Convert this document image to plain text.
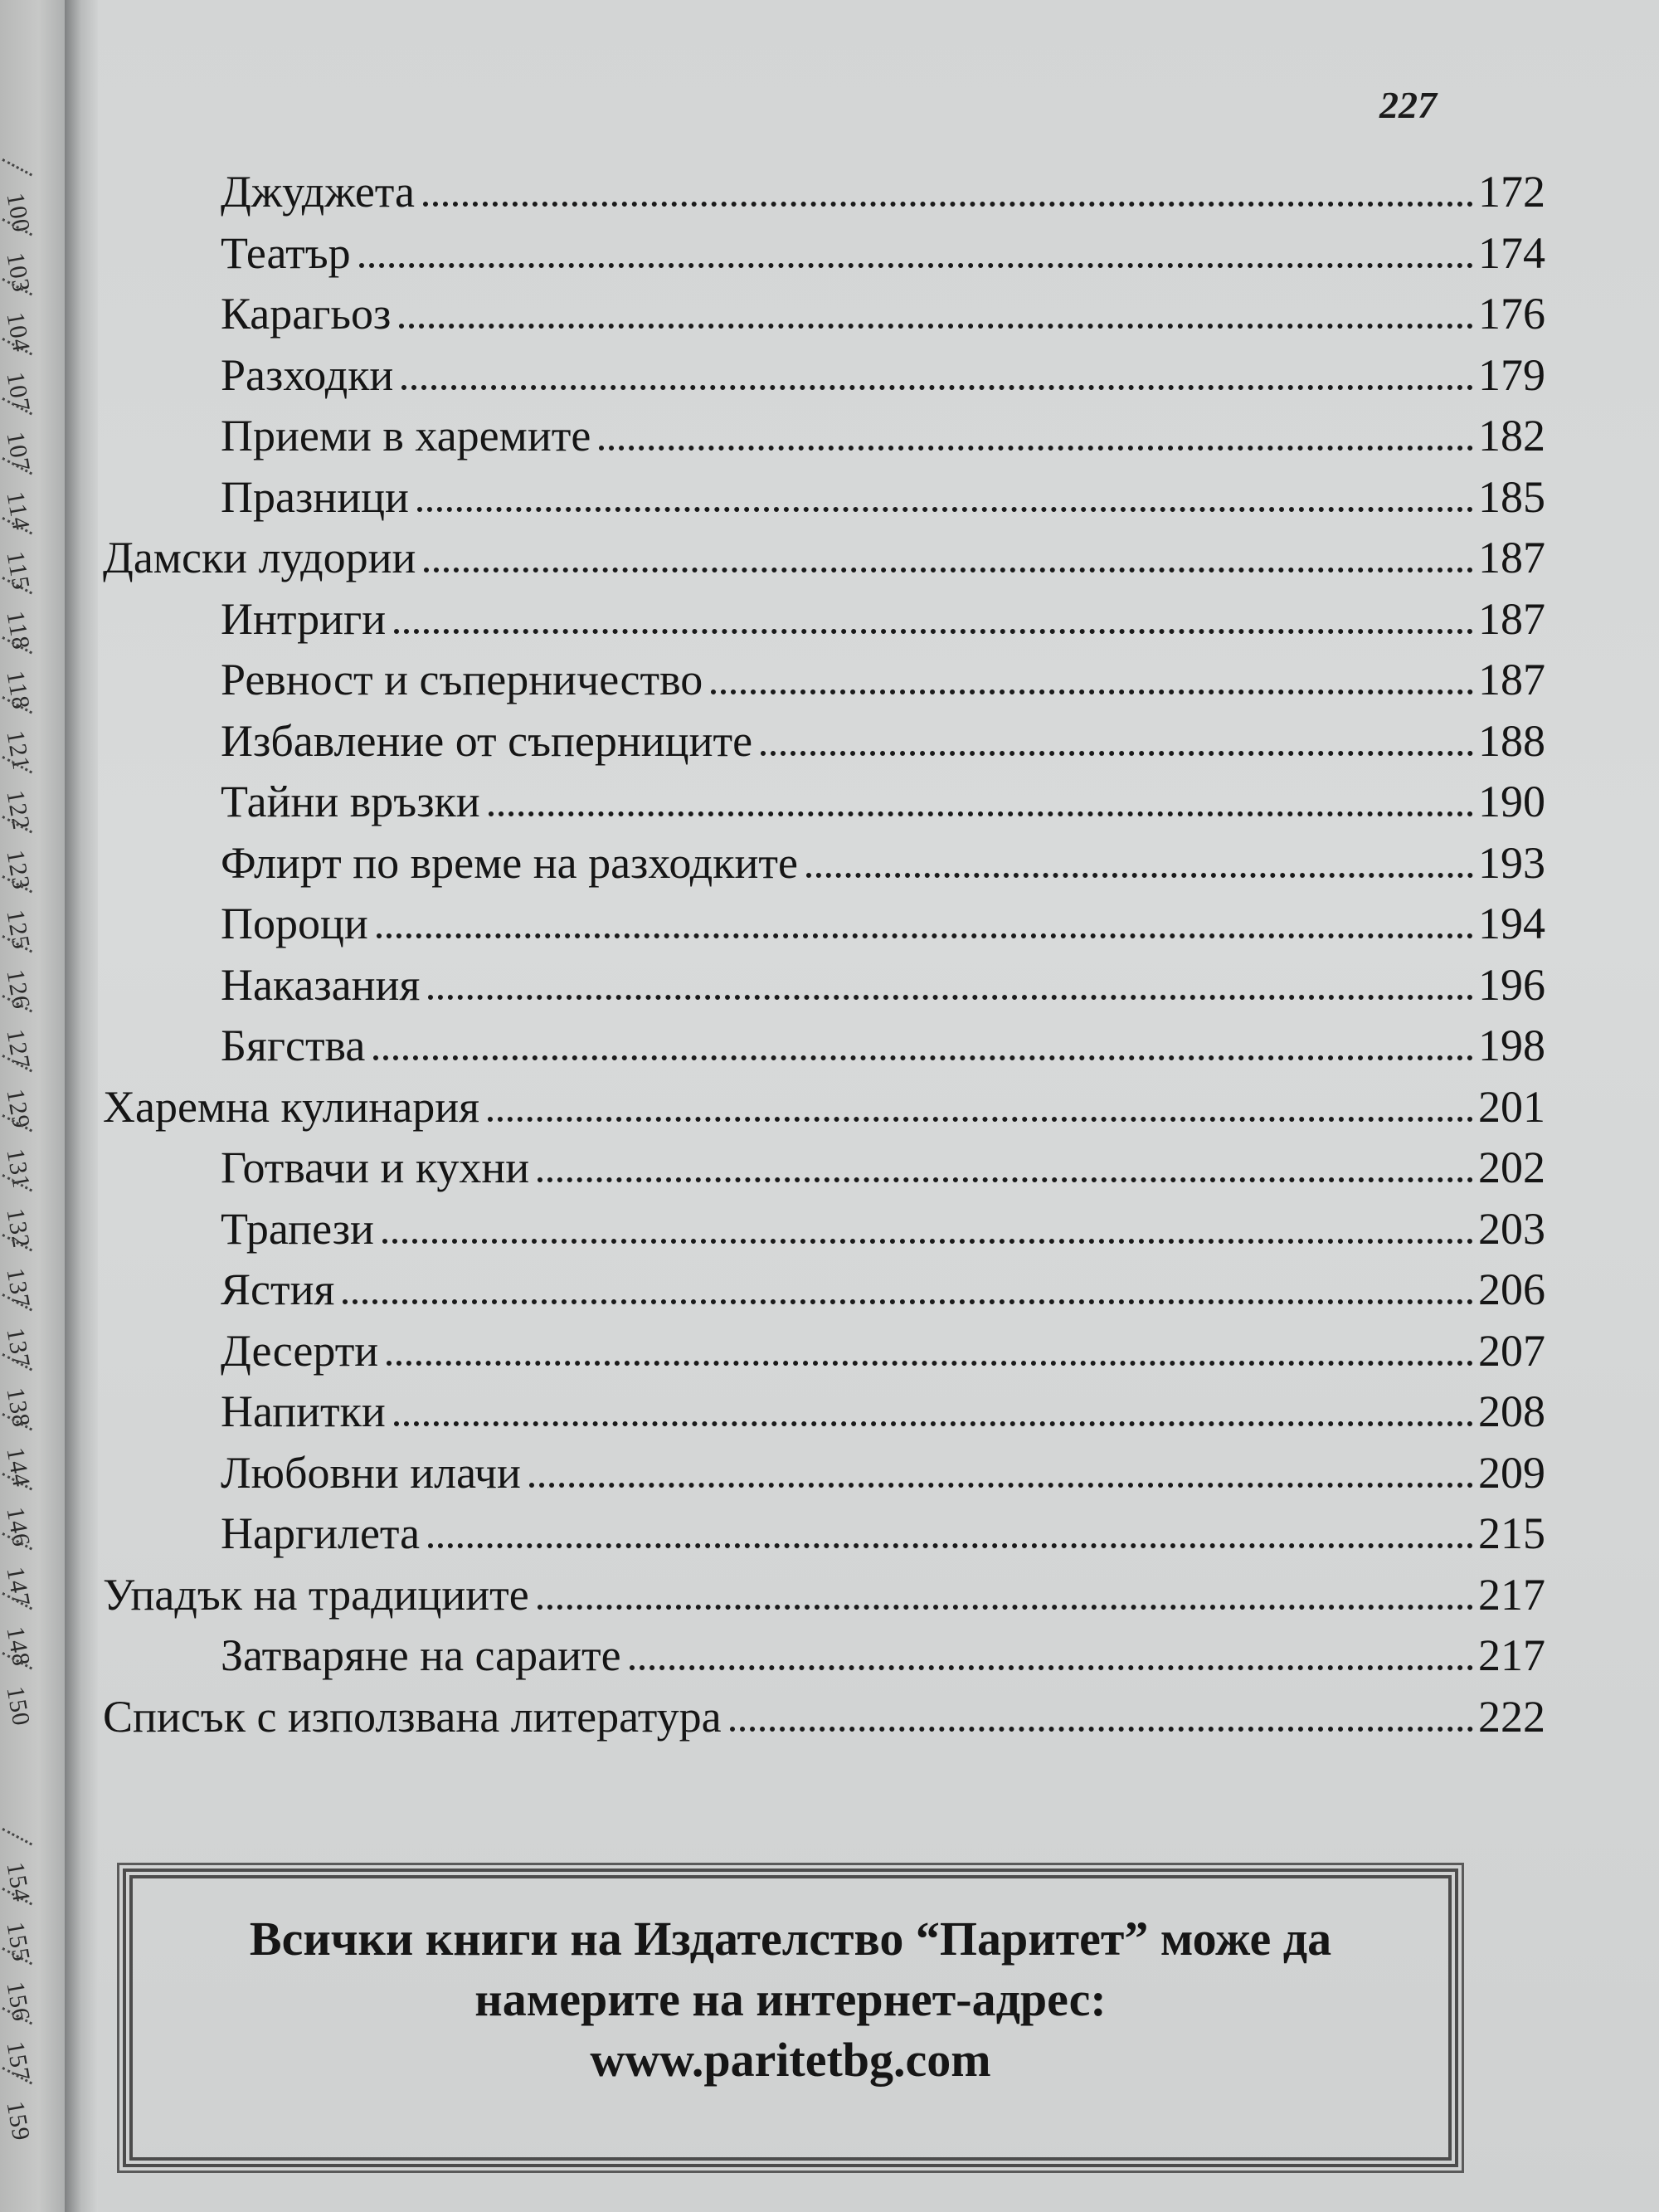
100
103
104
107
107
114
115
118
118
121
122
123
125
126
127
129
131
132
137
137
138
144
146
147
148
150
154
155
156
157
159
227
Джуджета	172
Театър	174
Карагьоз	176
Разходки	179
Приеми в харемите	182
Празници	185
Дамски лудории	187
Интриги	187
Ревност и съперничество	187
Избавление от съперниците	188
Тайни връзки	190
Флирт по време на разходките	193
Пороци	194
Наказания	196
Бягства	198
Харемна кулинария	201
Готвачи и кухни	202
Трапези	203
Ястия	206
Десерти	207
Напитки	208
Любовни илачи	209
Наргилета	215
Упадък на традициите	217
Затваряне на сараите	217
Списък с използвана литература	222
Всички книги на Издателство “Паритет” може да
намерите на интернет-адрес:
www.paritetbg.com
